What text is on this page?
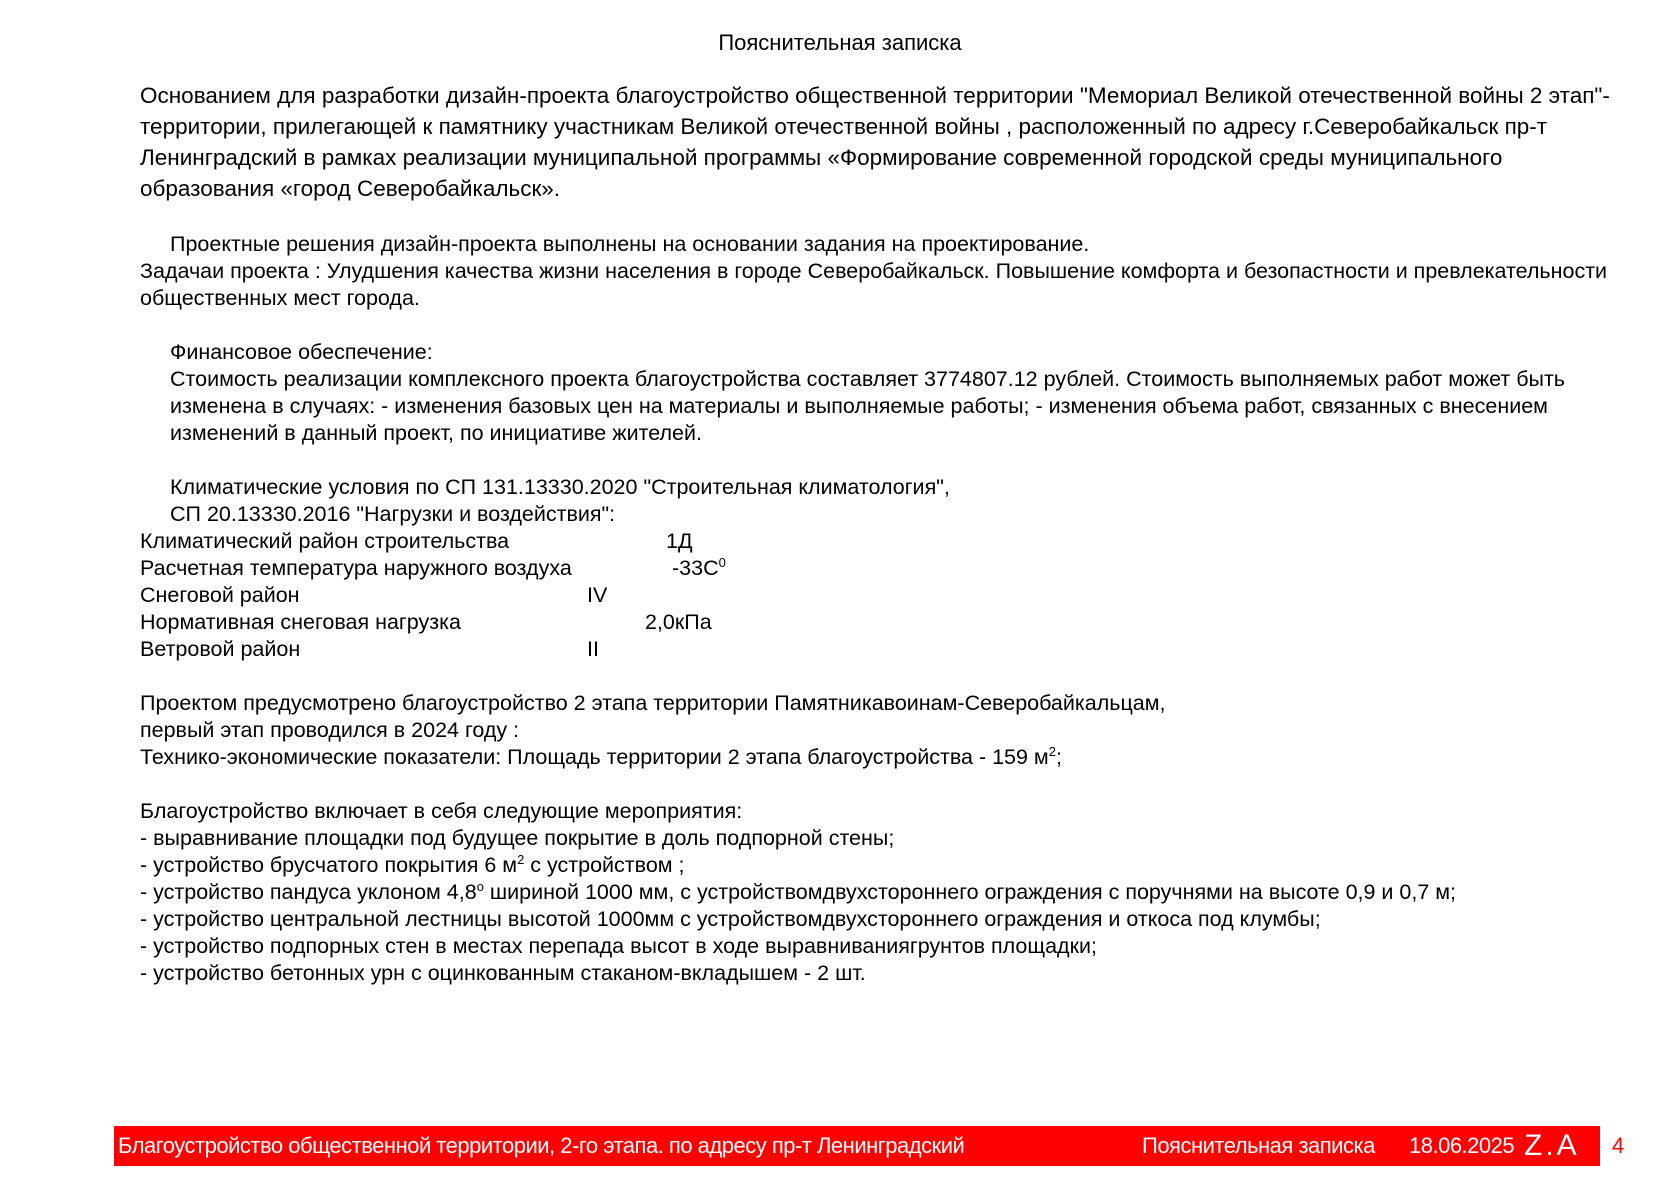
Пояснительная записка

Основанием для разработки дизайн-проекта благоустройство общественной территории "Мемориал Великой отечественной войны 2 этап"- территории, прилегающей к памятнику участникам Великой отечественной войны , расположенный по адресу г.Северобайкальск пр-т Ленинградский в рамках реализации муниципальной программы «Формирование современной городской среды муниципального образования «город Северобайкальск».

Проектные решения дизайн-проекта выполнены на основании задания на проектирование.

Задачаи проекта : Улудшения качества жизни населения в городе Северобайкальск. Повышение комфорта и безопастности и превлекательности общественных мест города.

Финансовое обеспечение:

Стоимость реализации комплексного проекта благоустройства составляет 3774807.12 рублей. Стоимость выполняемых работ может быть изменена в случаях: - изменения базовых цен на материалы и выполняемые работы; - изменения объема работ, связанных с внесением изменений в данный проект, по инициативе жителей.

Климатические условия по СП 131.13330.2020 "Строительная климатология",

СП 20.13330.2016 "Нагрузки и воздействия":

Климатический район строительства	1Д
Расчетная температура наружного воздуха	$-33С^0$
Снеговой район	IV
Нормативная снеговая нагрузка	2,0кПа
Ветровой район	II

Проектом предусмотрено благоустройство 2 этапа территории Памятникавоинам-Северобайкальцам,

первый этап проводился в 2024 году :

Технико-экономические показатели: Площадь территории 2 этапа благоустройства - 159 $м^2$;

Благоустройство включает в себя следующие мероприятия:

- выравнивание площадки под будущее покрытие в доль подпорной стены;

- устройство брусчатого покрытия 6 $м^2$ с устройством ;

- устройство пандуса уклоном $4,8^о$ шириной 1000 мм, с устройствомдвухстороннего ограждения с поручнями на высоте 0,9 и 0,7 м;

- устройство центральной лестницы высотой 1000мм с устройствомдвухстороннего ограждения и откоса под клумбы;

- устройство подпорных стен в местах перепада высот в ходе выравниваниягрунтов площадки;

- устройство бетонных урн с оцинкованным стаканом-вкладышем - 2 шт.

Благоустройство общественной территории, 2-го этапа. по адресу пр-т Ленинградский	Пояснительная записка 18.06.2025 Z.A 4
